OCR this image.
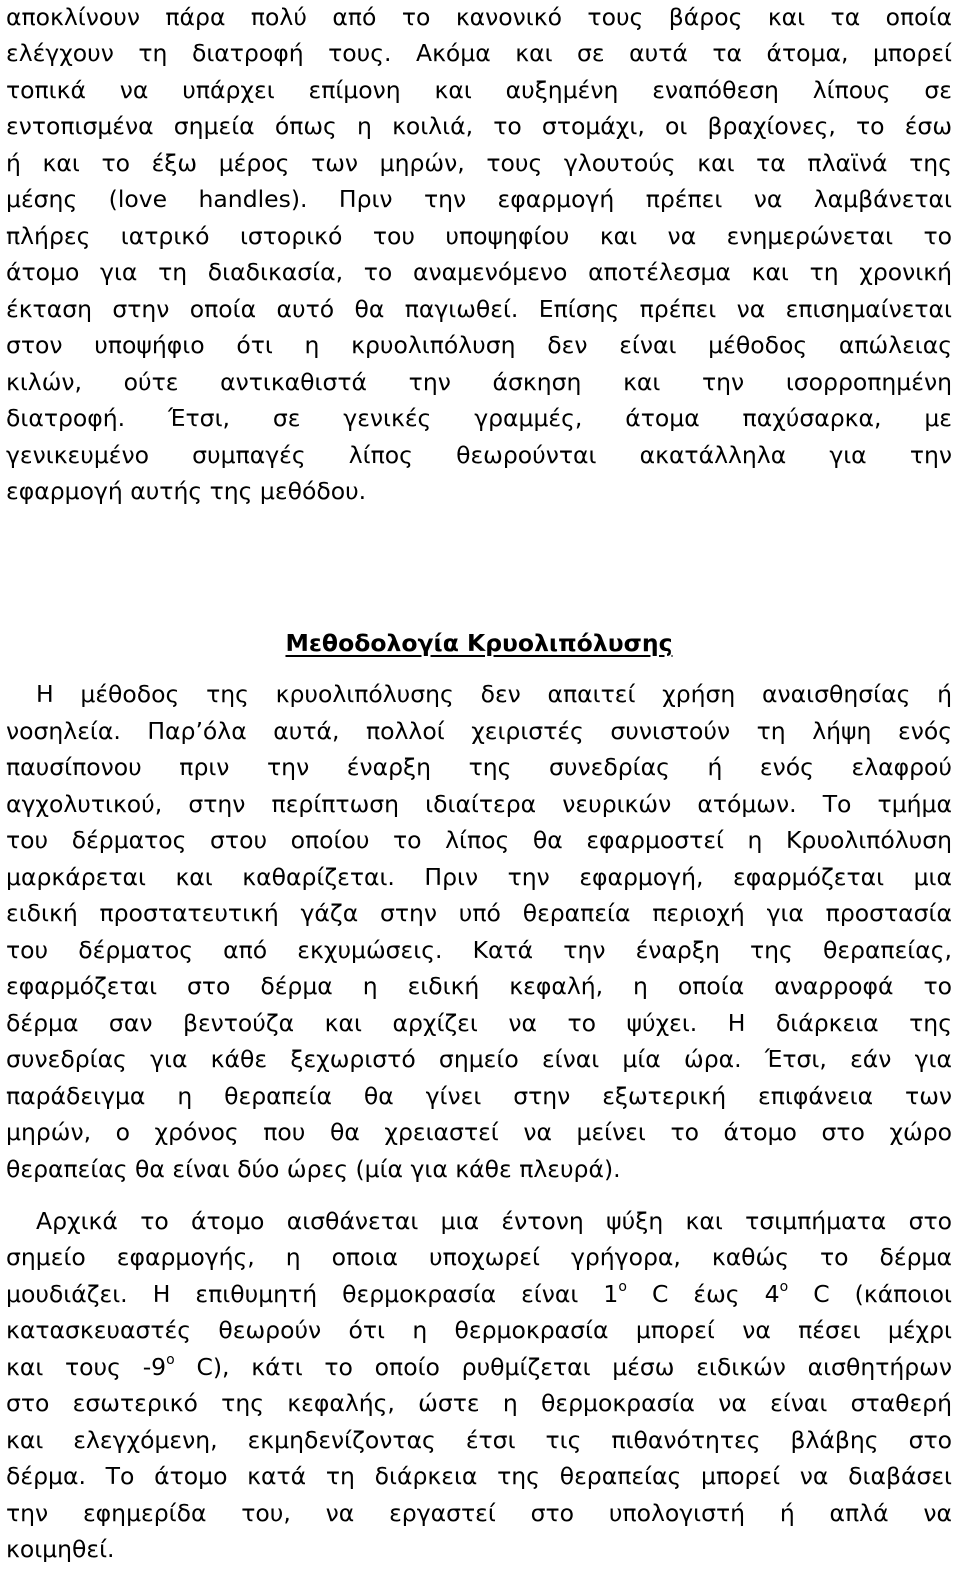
αποκλίνουν πάρα πολύ από το κανονικό τους βάρος και τα οποία
ελέγχουν τη διατροφή τους. Ακόμα και σε αυτά τα άτομα, μπορεί
τοπικά να υπάρχει επίμονη και αυξημένη εναπόθεση λίπους σε
εντοπισμένα σημεία όπως η κοιλιά, το στομάχι, οι βραχίονες, το έσω
ή και το έξω μέρος των μηρών, τους γλουτούς και τα πλαϊνά της
μέσης (love handles). Πριν την εφαρμογή πρέπει να λαμβάνεται
πλήρες ιατρικό ιστορικό του υποψηφίου και να ενημερώνεται το
άτομο για τη διαδικασία, το αναμενόμενο αποτέλεσμα και τη χρονική
έκταση στην οποία αυτό θα παγιωθεί. Επίσης πρέπει να επισημαίνεται
στον υποψήφιο ότι η κρυολιπόλυση δεν είναι μέθοδος απώλειας
κιλών, ούτε αντικαθιστά την άσκηση και την ισορροπημένη
διατροφή. Έτσι, σε γενικές γραμμές, άτομα παχύσαρκα, με
γενικευμένο συμπαγές λίπος θεωρούνται ακατάλληλα για την
εφαρμογή αυτής της μεθόδου.
Μεθοδολογία Κρυολιπόλυσης
Η μέθοδος της κρυολιπόλυσης δεν απαιτεί χρήση αναισθησίας ή
νοσηλεία. Παρ’όλα αυτά, πολλοί χειριστές συνιστούν τη λήψη ενός
παυσίπονου πριν την έναρξη της συνεδρίας ή ενός ελαφρού
αγχολυτικού, στην περίπτωση ιδιαίτερα νευρικών ατόμων. Το τμήμα
του δέρματος στου οποίου το λίπος θα εφαρμοστεί η Κρυολιπόλυση
μαρκάρεται και καθαρίζεται. Πριν την εφαρμογή, εφαρμόζεται μια
ειδική προστατευτική γάζα στην υπό θεραπεία περιοχή για προστασία
του δέρματος από εκχυμώσεις. Κατά την έναρξη της θεραπείας,
εφαρμόζεται στο δέρμα η ειδική κεφαλή, η οποία αναρροφά το
δέρμα σαν βεντούζα και αρχίζει να το ψύχει. Η διάρκεια της
συνεδρίας για κάθε ξεχωριστό σημείο είναι μία ώρα. Έτσι, εάν για
παράδειγμα η θεραπεία θα γίνει στην εξωτερική επιφάνεια των
μηρών, ο χρόνος που θα χρειαστεί να μείνει το άτομο στο χώρο
θεραπείας θα είναι δύο ώρες (μία για κάθε πλευρά).
Αρχικά το άτομο αισθάνεται μια έντονη ψύξη και τσιμπήματα στο
σημείο εφαρμογής, η οποια υποχωρεί γρήγορα, καθώς το δέρμα
μουδιάζει. Η επιθυμητή θερμοκρασία είναι 1$^o$ C έως 4$^o$ C (κάποιοι
κατασκευαστές θεωρούν ότι η θερμοκρασία μπορεί να πέσει μέχρι
και τους -9$^o$ C), κάτι το οποίο ρυθμίζεται μέσω ειδικών αισθητήρων
στο εσωτερικό της κεφαλής, ώστε η θερμοκρασία να είναι σταθερή
και ελεγχόμενη, εκμηδενίζοντας έτσι τις πιθανότητες βλάβης στο
δέρμα. Το άτομο κατά τη διάρκεια της θεραπείας μπορεί να διαβάσει
την εφημερίδα του, να εργαστεί στο υπολογιστή ή απλά να
κοιμηθεί.
